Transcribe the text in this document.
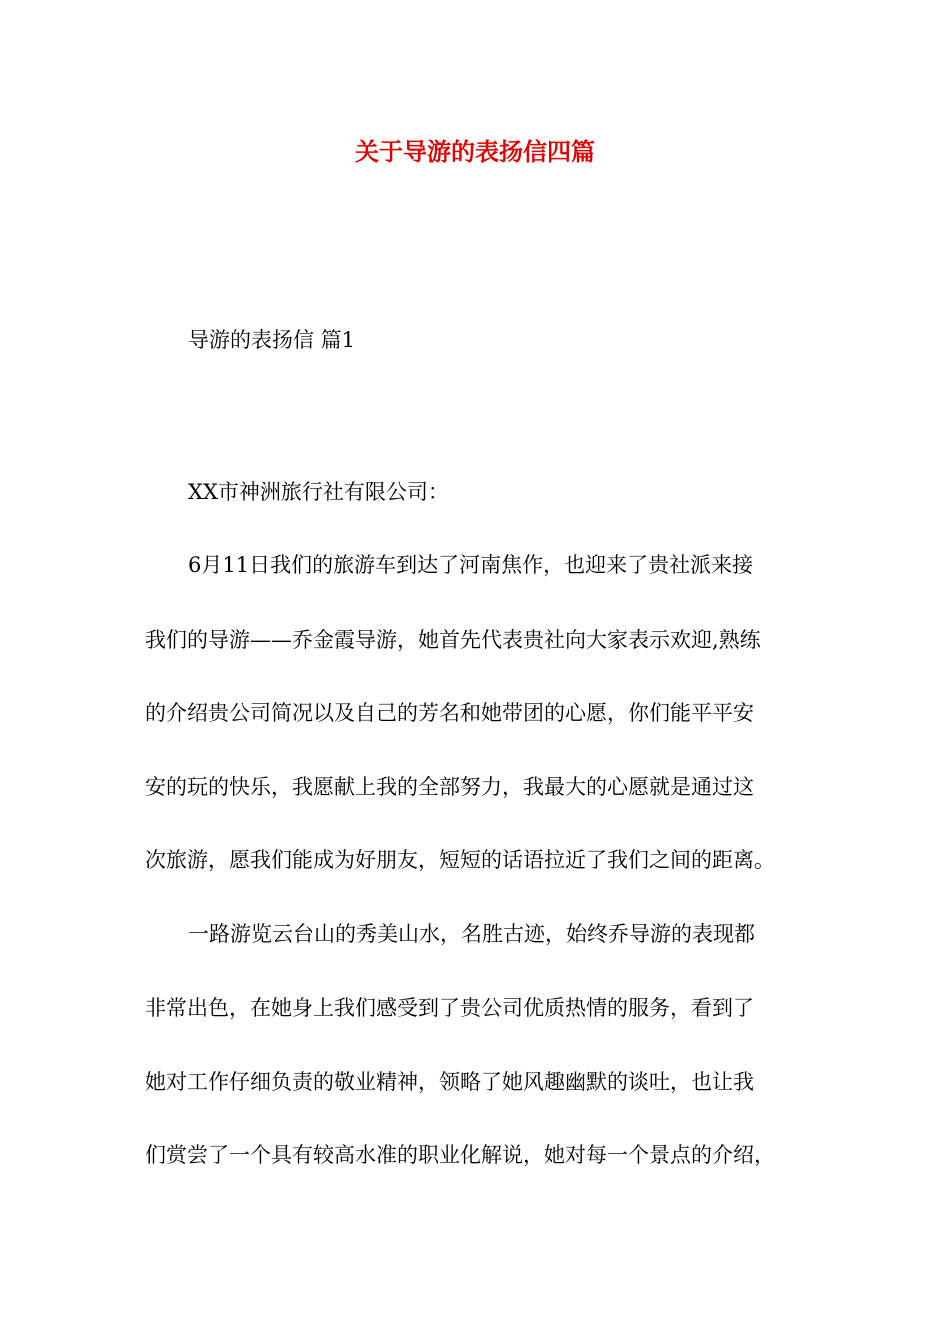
关于导游的表扬信四篇
导游的表扬信 篇1
XX市神洲旅行社有限公司：
6月11日我们的旅游车到达了河南焦作，也迎来了贵社派来接
我们的导游——乔金霞导游，她首先代表贵社向大家表示欢迎,熟练
的介绍贵公司简况以及自己的芳名和她带团的心愿，你们能平平安
安的玩的快乐，我愿献上我的全部努力，我最大的心愿就是通过这
次旅游，愿我们能成为好朋友，短短的话语拉近了我们之间的距离。
一路游览云台山的秀美山水，名胜古迹，始终乔导游的表现都
非常出色，在她身上我们感受到了贵公司优质热情的服务，看到了
她对工作仔细负责的敬业精神，领略了她风趣幽默的谈吐，也让我
们赏尝了一个具有较高水准的职业化解说，她对每一个景点的介绍，
